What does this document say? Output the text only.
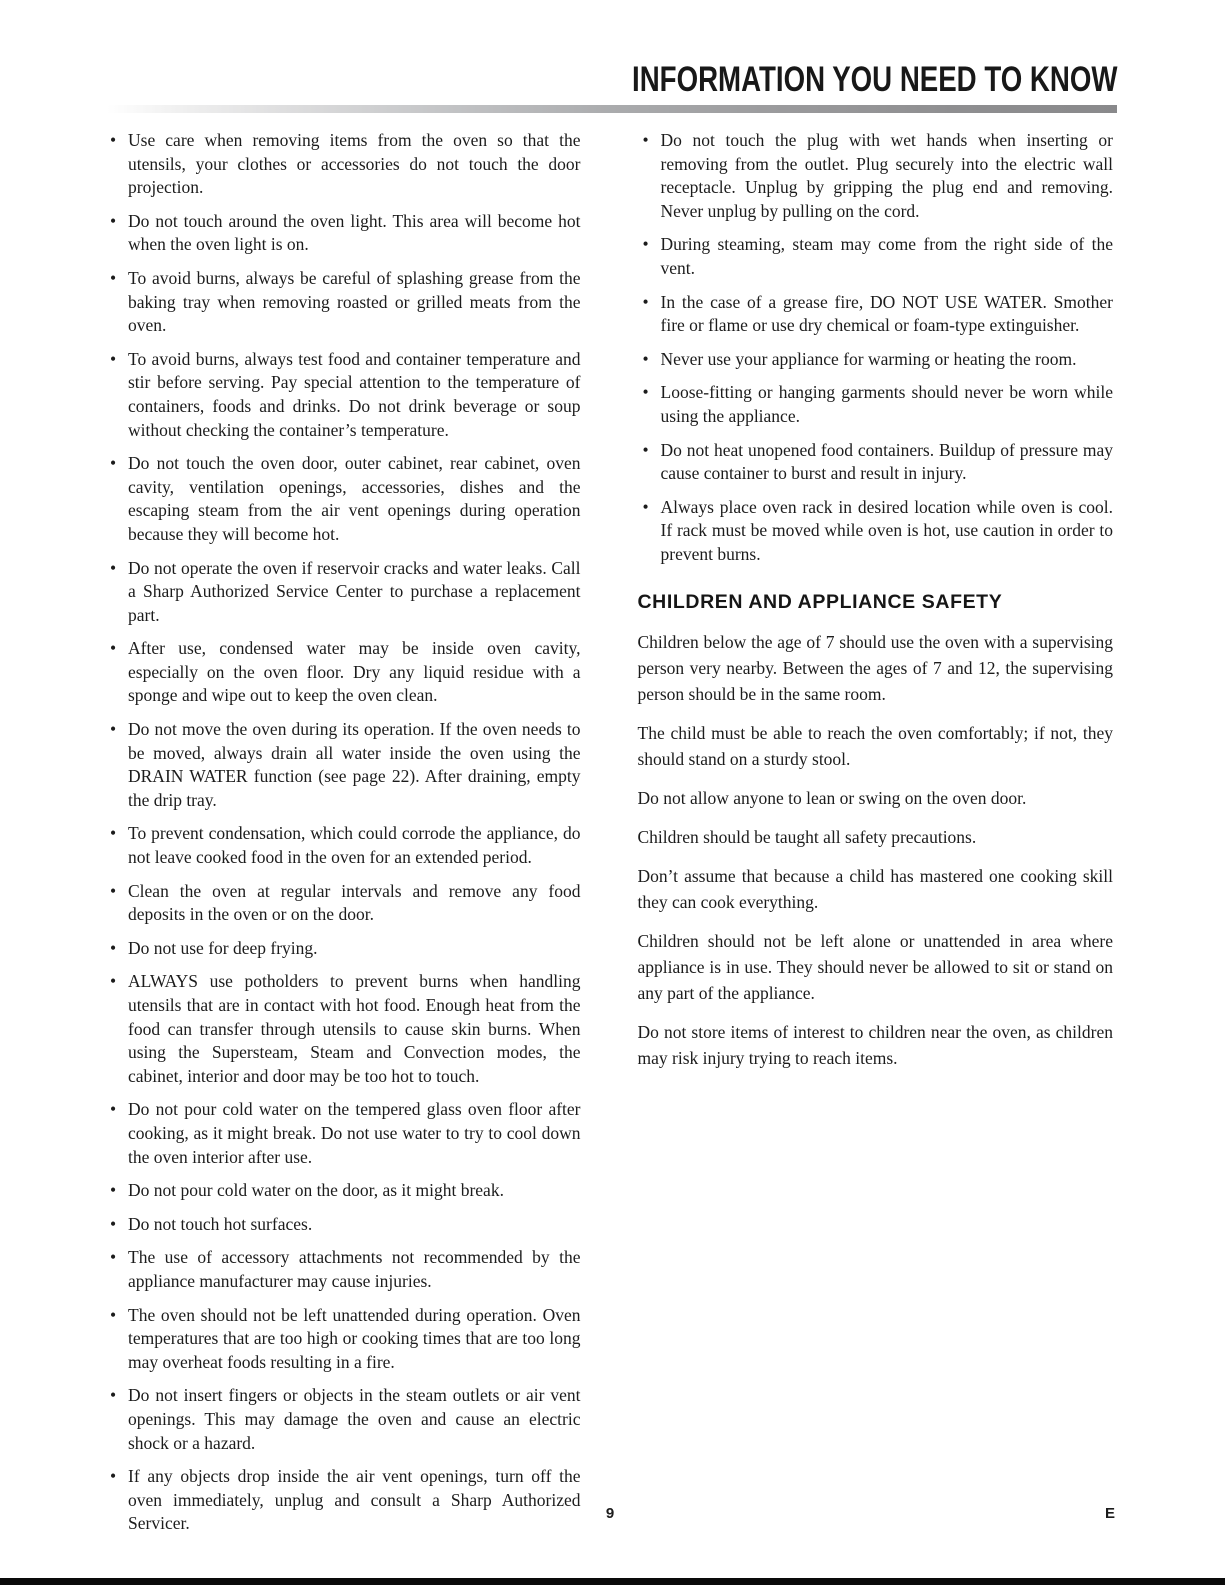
INFORMATION YOU NEED TO KNOW
• Use care when removing items from the oven so that the utensils, your clothes or accessories do not touch the door projection.
• Do not touch around the oven light. This area will become hot when the oven light is on.
• To avoid burns, always be careful of splashing grease from the baking tray when removing roasted or grilled meats from the oven.
• To avoid burns, always test food and container temperature and stir before serving. Pay special attention to the temperature of containers, foods and drinks. Do not drink beverage or soup without checking the container’s temperature.
• Do not touch the oven door, outer cabinet, rear cabinet, oven cavity, ventilation openings, accessories, dishes and the escaping steam from the air vent openings during operation because they will become hot.
• Do not operate the oven if reservoir cracks and water leaks. Call a Sharp Authorized Service Center to purchase a replacement part.
• After use, condensed water may be inside oven cavity, especially on the oven floor. Dry any liquid residue with a sponge and wipe out to keep the oven clean.
• Do not move the oven during its operation. If the oven needs to be moved, always drain all water inside the oven using the DRAIN WATER function (see page 22). After draining, empty the drip tray.
• To prevent condensation, which could corrode the appliance, do not leave cooked food in the oven for an extended period.
• Clean the oven at regular intervals and remove any food deposits in the oven or on the door.
• Do not use for deep frying.
• ALWAYS use potholders to prevent burns when handling utensils that are in contact with hot food. Enough heat from the food can transfer through utensils to cause skin burns. When using the Supersteam, Steam and Convection modes, the cabinet, interior and door may be too hot to touch.
• Do not pour cold water on the tempered glass oven floor after cooking, as it might break. Do not use water to try to cool down the oven interior after use.
• Do not pour cold water on the door, as it might break.
• Do not touch hot surfaces.
• The use of accessory attachments not recommended by the appliance manufacturer may cause injuries.
• The oven should not be left unattended during operation. Oven temperatures that are too high or cooking times that are too long may overheat foods resulting in a fire.
• Do not insert fingers or objects in the steam outlets or air vent openings. This may damage the oven and cause an electric shock or a hazard.
• If any objects drop inside the air vent openings, turn off the oven immediately, unplug and consult a Sharp Authorized Servicer.
• Do not touch the plug with wet hands when inserting or removing from the outlet. Plug securely into the electric wall receptacle. Unplug by gripping the plug end and removing. Never unplug by pulling on the cord.
• During steaming, steam may come from the right side of the vent.
• In the case of a grease fire, DO NOT USE WATER. Smother fire or flame or use dry chemical or foam-type extinguisher.
• Never use your appliance for warming or heating the room.
• Loose-fitting or hanging garments should never be worn while using the appliance.
• Do not heat unopened food containers. Buildup of pressure may cause container to burst and result in injury.
• Always place oven rack in desired location while oven is cool. If rack must be moved while oven is hot, use caution in order to prevent burns.
CHILDREN AND APPLIANCE SAFETY

Children below the age of 7 should use the oven with a supervising person very nearby. Between the ages of 7 and 12, the supervising person should be in the same room.

The child must be able to reach the oven comfortably; if not, they should stand on a sturdy stool.

Do not allow anyone to lean or swing on the oven door.

Children should be taught all safety precautions.

Don’t assume that because a child has mastered one cooking skill they can cook everything.

Children should not be left alone or unattended in area where appliance is in use. They should never be allowed to sit or stand on any part of the appliance.

Do not store items of interest to children near the oven, as children may risk injury trying to reach items.

9	E
